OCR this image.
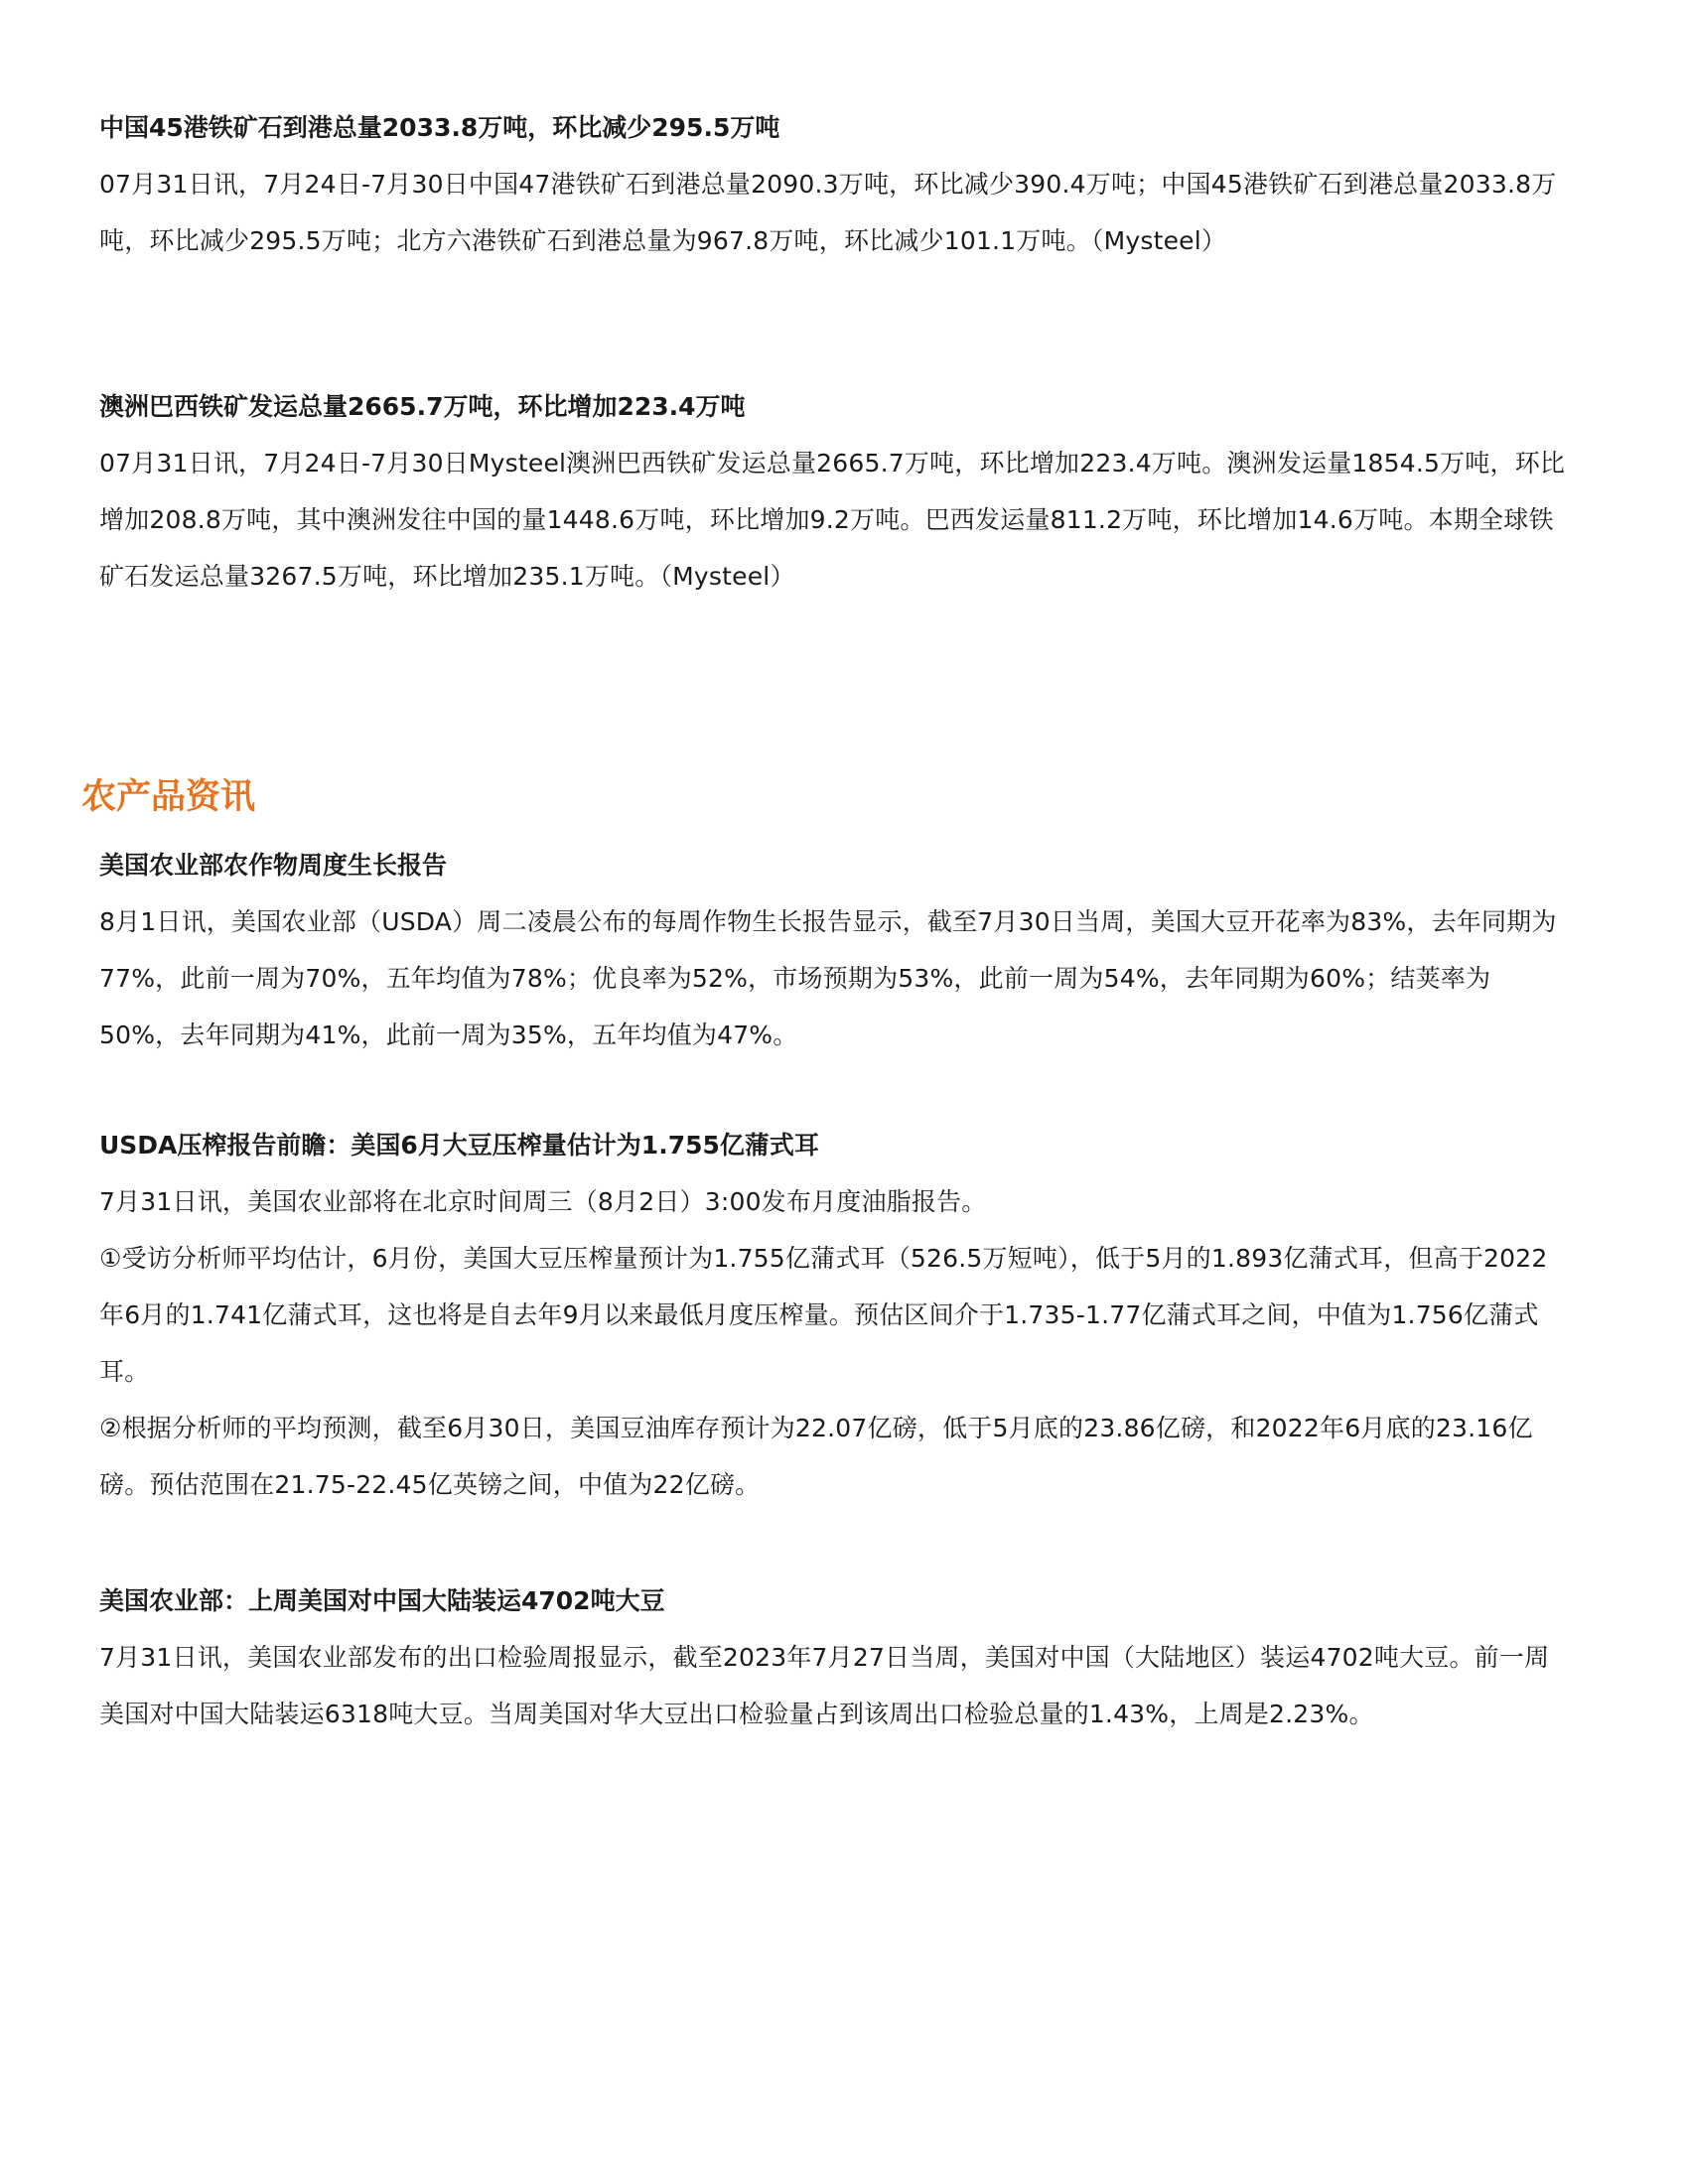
中国45港铁矿石到港总量2033.8万吨，环比减少295.5万吨

07月31日讯，7月24日-7月30日中国47港铁矿石到港总量2090.3万吨，环比减少390.4万吨；中国45港铁矿石到港总量2033.8万吨，环比减少295.5万吨；北方六港铁矿石到港总量为967.8万吨，环比减少101.1万吨。（Mysteel）

澳洲巴西铁矿发运总量2665.7万吨，环比增加223.4万吨

07月31日讯，7月24日-7月30日Mysteel澳洲巴西铁矿发运总量2665.7万吨，环比增加223.4万吨。澳洲发运量1854.5万吨，环比增加208.8万吨，其中澳洲发往中国的量1448.6万吨，环比增加9.2万吨。巴西发运量811.2万吨，环比增加14.6万吨。本期全球铁矿石发运总量3267.5万吨，环比增加235.1万吨。（Mysteel）

农产品资讯
美国农业部农作物周度生长报告

8月1日讯，美国农业部（USDA）周二凌晨公布的每周作物生长报告显示，截至7月30日当周，美国大豆开花率为83%，去年同期为77%，此前一周为70%，五年均值为78%；优良率为52%，市场预期为53%，此前一周为54%，去年同期为60%；结荚率为50%，去年同期为41%，此前一周为35%，五年均值为47%。

USDA压榨报告前瞻：美国6月大豆压榨量估计为1.755亿蒲式耳

7月31日讯，美国农业部将在北京时间周三（8月2日）3:00发布月度油脂报告。

①受访分析师平均估计，6月份，美国大豆压榨量预计为1.755亿蒲式耳（526.5万短吨），低于5月的1.893亿蒲式耳，但高于2022年6月的1.741亿蒲式耳，这也将是自去年9月以来最低月度压榨量。预估区间介于1.735-1.77亿蒲式耳之间，中值为1.756亿蒲式耳。

②根据分析师的平均预测，截至6月30日，美国豆油库存预计为22.07亿磅，低于5月底的23.86亿磅，和2022年6月底的23.16亿磅。预估范围在21.75-22.45亿英镑之间，中值为22亿磅。

美国农业部：上周美国对中国大陆装运4702吨大豆

7月31日讯，美国农业部发布的出口检验周报显示，截至2023年7月27日当周，美国对中国（大陆地区）装运4702吨大豆。前一周美国对中国大陆装运6318吨大豆。当周美国对华大豆出口检验量占到该周出口检验总量的1.43%，上周是2.23%。
